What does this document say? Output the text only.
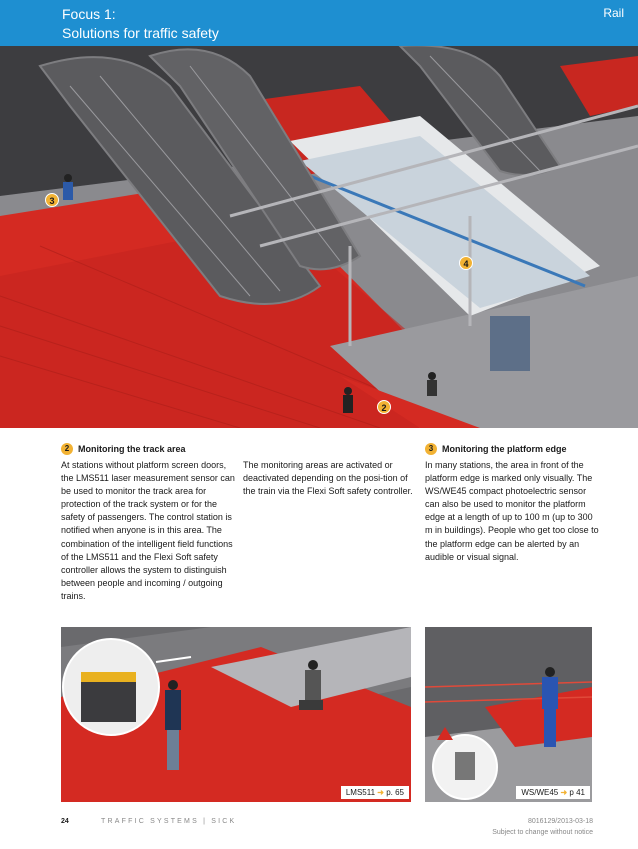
Focus 1:
Solutions for traffic safety
Rail
3
4
2
2 Monitoring the track area

At stations without platform screen doors, the LMS511 laser measurement sensor can be used to monitor the track area for protection of the track system or for the safety of passengers. The control station is notified when anyone is in this area. The combination of the intelligent field functions of the LMS511 and the Flexi Soft safety controller allows the system to distinguish between people and incoming / outgoing trains.

The monitoring areas are activated or deactivated depending on the posi-tion of the train via the Flexi Soft safety controller.

3 Monitoring the platform edge

In many stations, the area in front of the platform edge is marked only visually. The WS/WE45 compact photoelectric sensor can also be used to monitor the platform edge at a length of up to 100 m (up to 300 m in buildings). People who get too close to the platform edge can be alerted by an audible or visual signal.

LMS511 ➜ p. 65	WS/WE45 ➜ p 41
24	TRAFFIC SYSTEMS | SICK	8016129/2013-03-18
Subject to change without notice
